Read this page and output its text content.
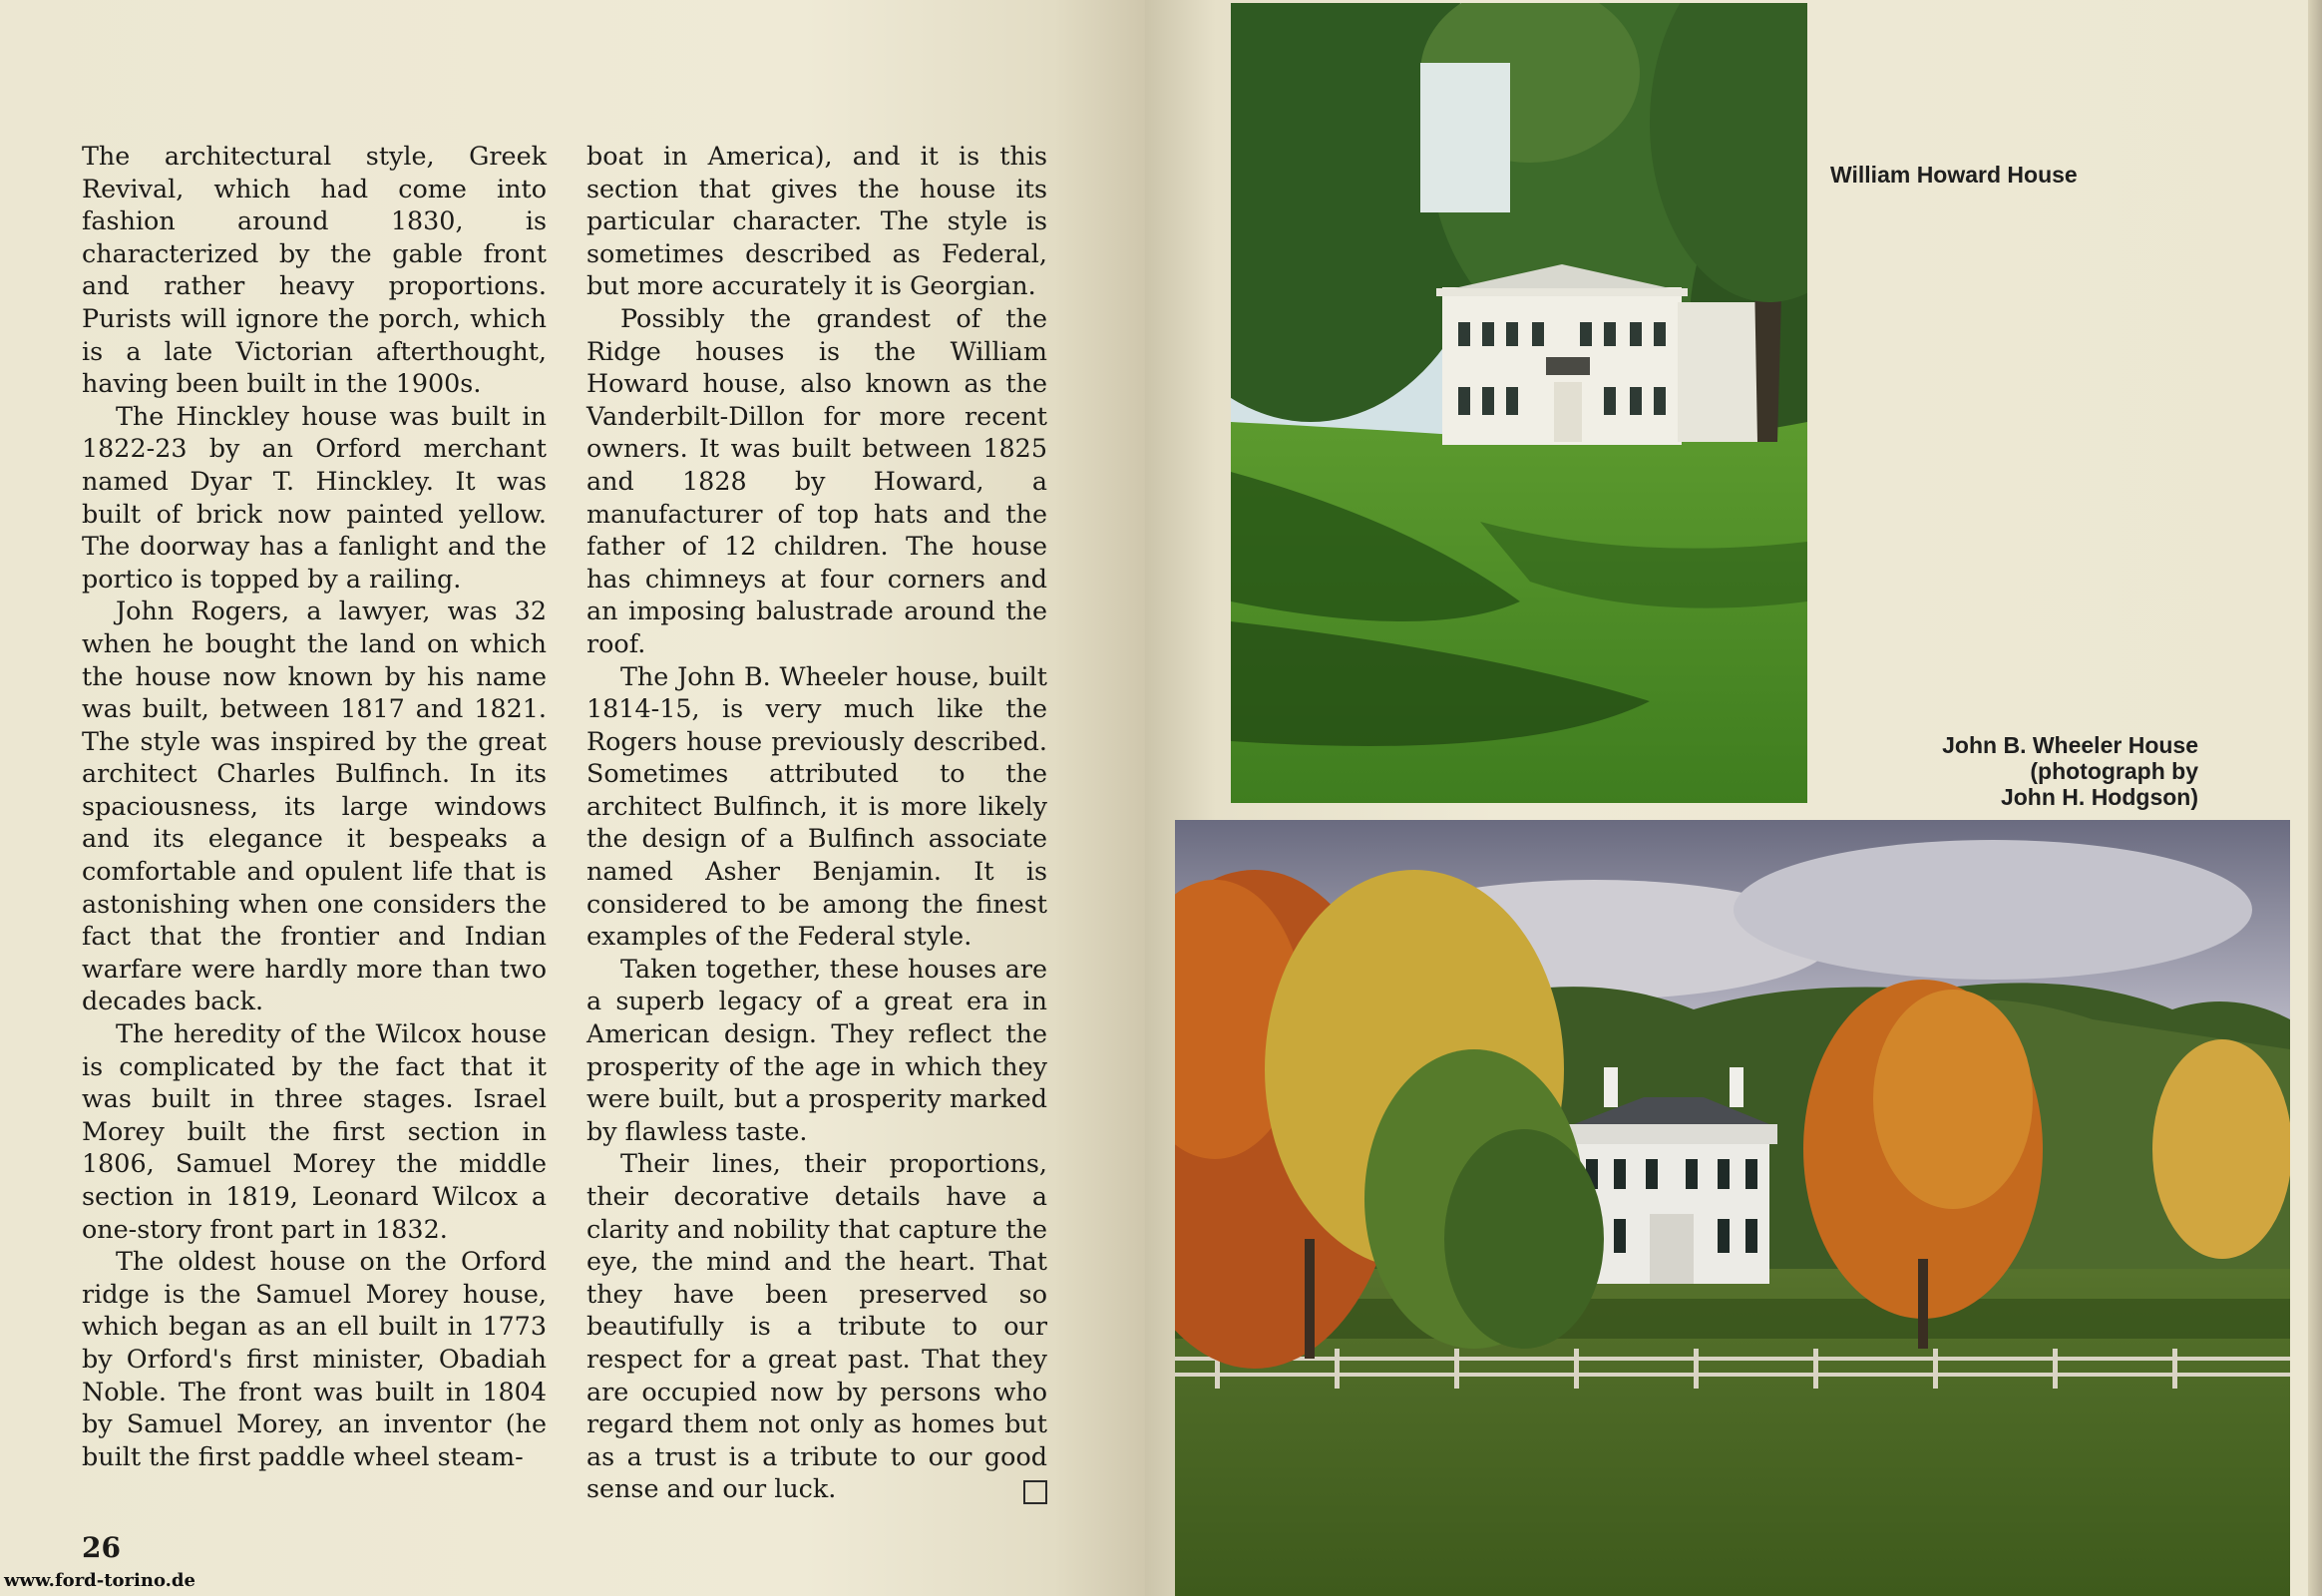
The architectural style, Greek Revival, which had come into fashion around 1830, is characterized by the gable front and rather heavy proportions. Purists will ignore the porch, which is a late Victorian afterthought, having been built in the 1900s.

The Hinckley house was built in 1822-23 by an Orford merchant named Dyar T. Hinckley. It was built of brick now painted yellow. The doorway has a fanlight and the portico is topped by a railing.

John Rogers, a lawyer, was 32 when he bought the land on which the house now known by his name was built, between 1817 and 1821. The style was inspired by the great architect Charles Bulfinch. In its spaciousness, its large windows and its elegance it bespeaks a comfortable and opulent life that is astonishing when one considers the fact that the frontier and Indian warfare were hardly more than two decades back.

The heredity of the Wilcox house is complicated by the fact that it was built in three stages. Israel Morey built the first section in 1806, Samuel Morey the middle section in 1819, Leonard Wilcox a one-story front part in 1832.

The oldest house on the Orford ridge is the Samuel Morey house, which began as an ell built in 1773 by Orford's first minister, Obadiah Noble. The front was built in 1804 by Samuel Morey, an inventor (he built the first paddle wheel steam-

boat in America), and it is this section that gives the house its particular character. The style is sometimes described as Federal, but more accurately it is Georgian.

Possibly the grandest of the Ridge houses is the William Howard house, also known as the Vanderbilt-Dillon for more recent owners. It was built between 1825 and 1828 by Howard, a manufacturer of top hats and the father of 12 children. The house has chimneys at four corners and an imposing balustrade around the roof.

The John B. Wheeler house, built 1814-15, is very much like the Rogers house previously described. Sometimes attributed to the architect Bulfinch, it is more likely the design of a Bulfinch associate named Asher Benjamin. It is considered to be among the finest examples of the Federal style.

Taken together, these houses are a superb legacy of a great era in American design. They reflect the prosperity of the age in which they were built, but a prosperity marked by flawless taste.

Their lines, their proportions, their decorative details have a clarity and nobility that capture the eye, the mind and the heart. That they have been preserved so beautifully is a tribute to our respect for a great past. That they are occupied now by persons who regard them not only as homes but as a trust is a tribute to our good sense and our luck.

26
www.ford-torino.de
William Howard House
John B. Wheeler House
(photograph by
John H. Hodgson)
